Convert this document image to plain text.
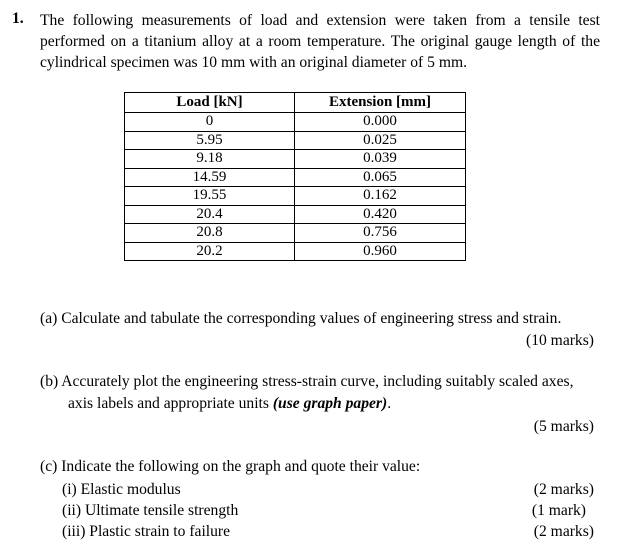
1. The following measurements of load and extension were taken from a tensile test
performed on a titanium alloy at a room temperature. The original gauge length of the
cylindrical specimen was 10 mm with an original diameter of 5 mm.
Load [kN]	Extension [mm]
0	0.000
5.95	0.025
9.18	0.039
14.59	0.065
19.55	0.162
20.4	0.420
20.8	0.756
20.2	0.960
(a) Calculate and tabulate the corresponding values of engineering stress and strain.
(10 marks)
(b) Accurately plot the engineering stress-strain curve, including suitably scaled axes,
axis labels and appropriate units (use graph paper).
(5 marks)
(c) Indicate the following on the graph and quote their value:
(i) Elastic modulus	(2 marks)
(ii) Ultimate tensile strength	(1 mark)
(iii) Plastic strain to failure	(2 marks)
